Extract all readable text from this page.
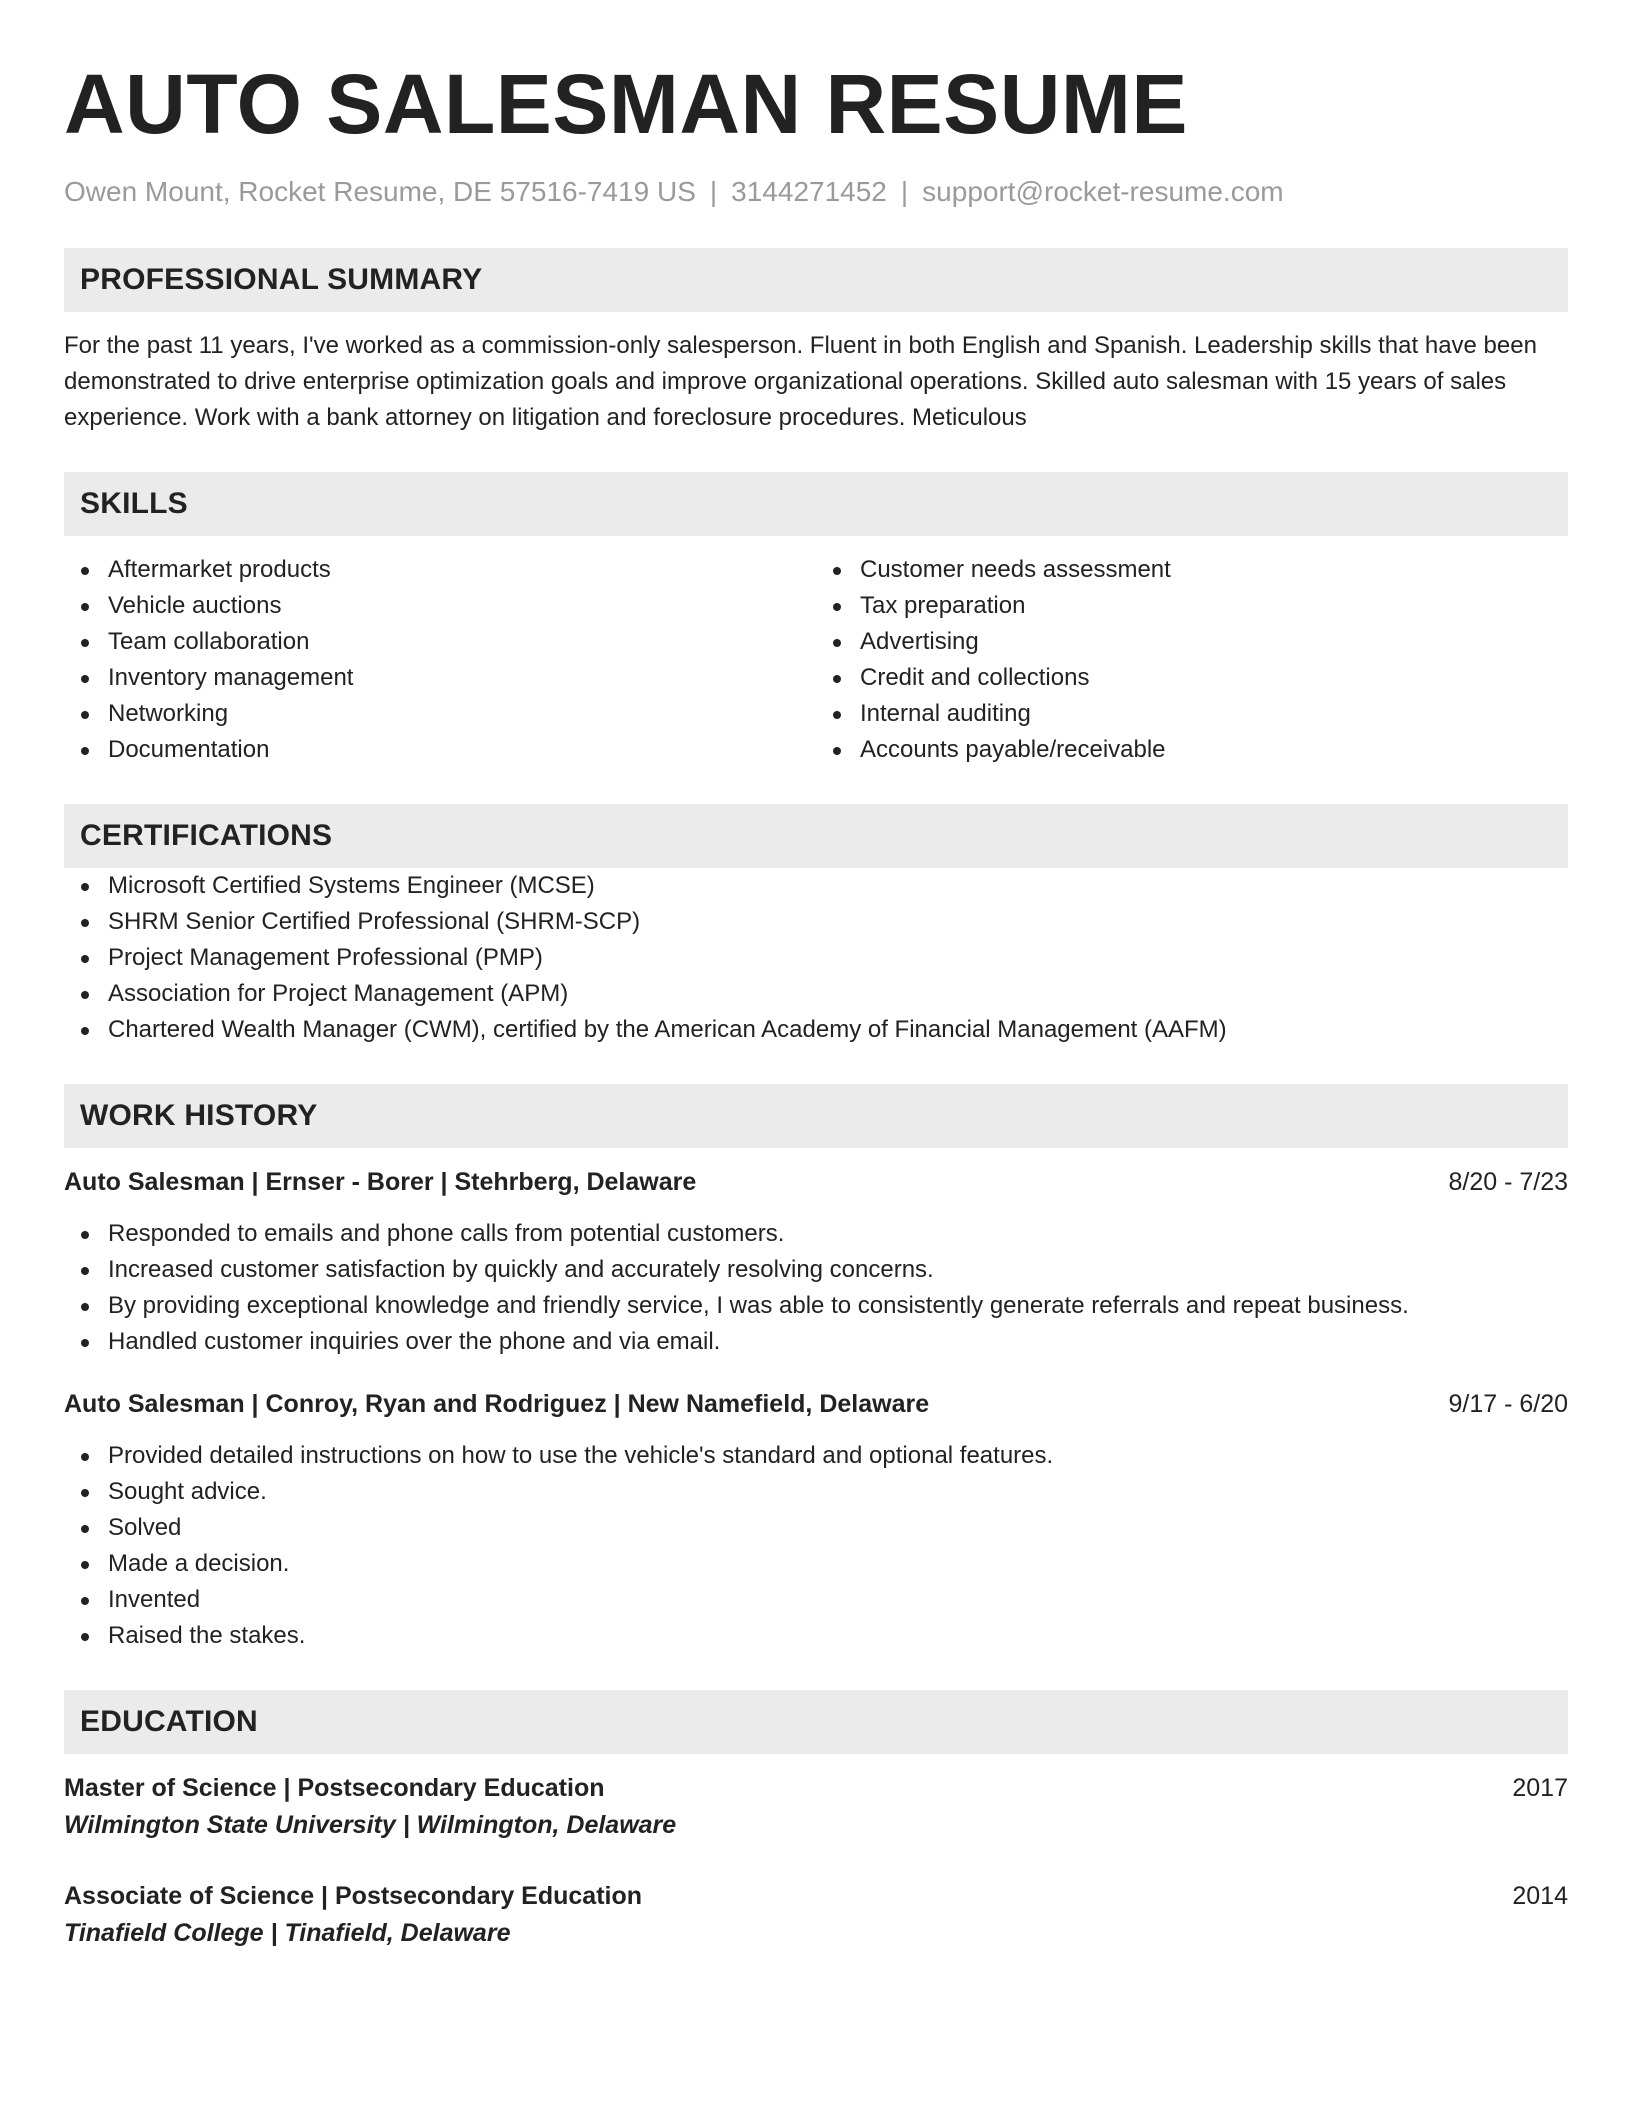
AUTO SALESMAN RESUME
Owen Mount, Rocket Resume, DE 57516-7419 US | 3144271452 | support@rocket-resume.com
PROFESSIONAL SUMMARY
For the past 11 years, I've worked as a commission-only salesperson. Fluent in both English and Spanish. Leadership skills that have been demonstrated to drive enterprise optimization goals and improve organizational operations. Skilled auto salesman with 15 years of sales experience. Work with a bank attorney on litigation and foreclosure procedures. Meticulous
SKILLS
Aftermarket products
Vehicle auctions
Team collaboration
Inventory management
Networking
Documentation
Customer needs assessment
Tax preparation
Advertising
Credit and collections
Internal auditing
Accounts payable/receivable
CERTIFICATIONS
Microsoft Certified Systems Engineer (MCSE)
SHRM Senior Certified Professional (SHRM-SCP)
Project Management Professional (PMP)
Association for Project Management (APM)
Chartered Wealth Manager (CWM), certified by the American Academy of Financial Management (AAFM)
WORK HISTORY
Auto Salesman | Ernser - Borer | Stehrberg, Delaware	8/20 - 7/23
Responded to emails and phone calls from potential customers.
Increased customer satisfaction by quickly and accurately resolving concerns.
By providing exceptional knowledge and friendly service, I was able to consistently generate referrals and repeat business.
Handled customer inquiries over the phone and via email.
Auto Salesman | Conroy, Ryan and Rodriguez | New Namefield, Delaware	9/17 - 6/20
Provided detailed instructions on how to use the vehicle's standard and optional features.
Sought advice.
Solved
Made a decision.
Invented
Raised the stakes.
EDUCATION
Master of Science | Postsecondary Education	2017
Wilmington State University | Wilmington, Delaware
Associate of Science | Postsecondary Education	2014
Tinafield College | Tinafield, Delaware
